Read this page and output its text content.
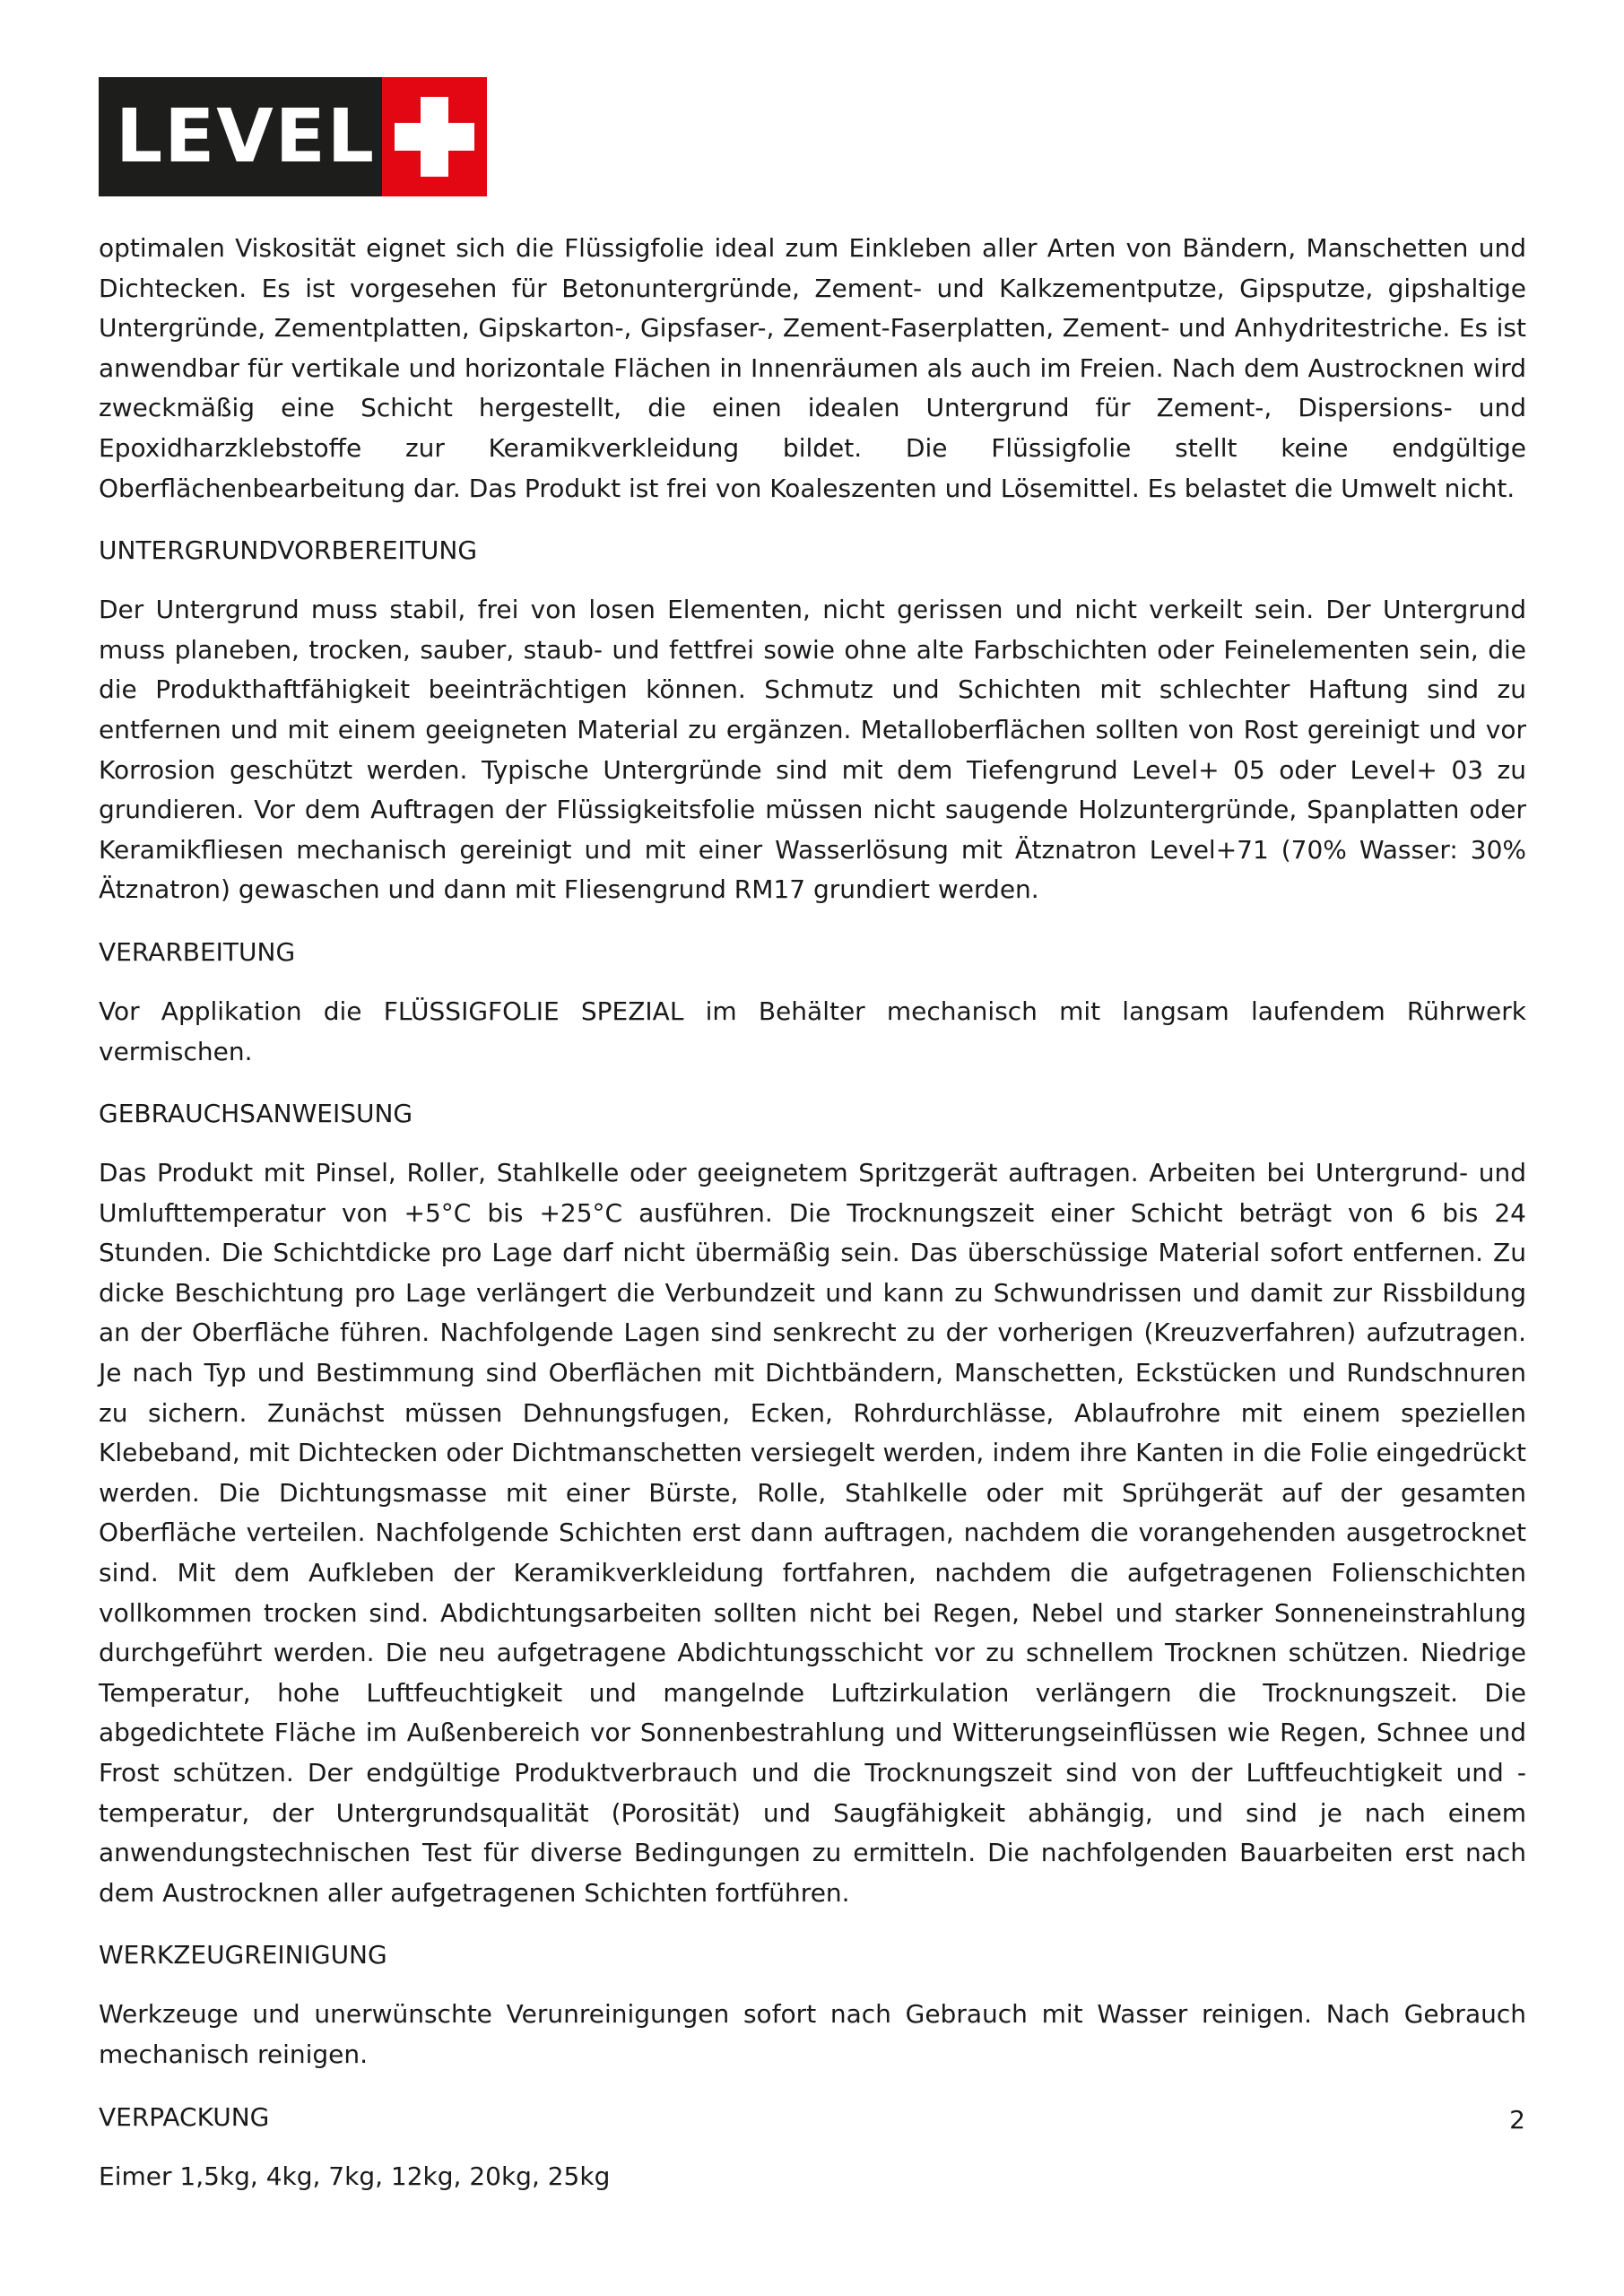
LEVEL

optimalen Viskosität eignet sich die Flüssigfolie ideal zum Einkleben aller Arten von Bändern, Manschetten und Dichtecken. Es ist vorgesehen für Betonuntergründe, Zement- und Kalkzementputze, Gipsputze, gipshaltige Untergründe, Zementplatten, Gipskarton-, Gipsfaser-, Zement-Faserplatten, Zement- und Anhydritestriche. Es ist anwendbar für vertikale und horizontale Flächen in Innenräumen als auch im Freien. Nach dem Austrocknen wird zweckmäßig eine Schicht hergestellt, die einen idealen Untergrund für Zement-, Dispersions- und Epoxidharzklebstoffe zur Keramikverkleidung bildet. Die Flüssigfolie stellt keine endgültige Oberflächenbearbeitung dar. Das Produkt ist frei von Koaleszenten und Lösemittel. Es belastet die Umwelt nicht.

UNTERGRUNDVORBEREITUNG

Der Untergrund muss stabil, frei von losen Elementen, nicht gerissen und nicht verkeilt sein. Der Untergrund muss planeben, trocken, sauber, staub- und fettfrei sowie ohne alte Farbschichten oder Feinelementen sein, die die Produkthaftfähigkeit beeinträchtigen können. Schmutz und Schichten mit schlechter Haftung sind zu entfernen und mit einem geeigneten Material zu ergänzen. Metalloberflächen sollten von Rost gereinigt und vor Korrosion geschützt werden. Typische Untergründe sind mit dem Tiefengrund Level+ 05 oder Level+ 03 zu grundieren. Vor dem Auftragen der Flüssigkeitsfolie müssen nicht saugende Holzuntergründe, Spanplatten oder Keramikfliesen mechanisch gereinigt und mit einer Wasserlösung mit Ätznatron Level+71 (70% Wasser: 30% Ätznatron) gewaschen und dann mit Fliesengrund RM17 grundiert werden.

VERARBEITUNG

Vor Applikation die FLÜSSIGFOLIE SPEZIAL im Behälter mechanisch mit langsam laufendem Rührwerk vermischen.

GEBRAUCHSANWEISUNG

Das Produkt mit Pinsel, Roller, Stahlkelle oder geeignetem Spritzgerät auftragen. Arbeiten bei Untergrund- und Umlufttemperatur von +5°C bis +25°C ausführen. Die Trocknungszeit einer Schicht beträgt von 6 bis 24 Stunden. Die Schichtdicke pro Lage darf nicht übermäßig sein. Das überschüssige Material sofort entfernen. Zu dicke Beschichtung pro Lage verlängert die Verbundzeit und kann zu Schwundrissen und damit zur Rissbildung an der Oberfläche führen. Nachfolgende Lagen sind senkrecht zu der vorherigen (Kreuzverfahren) aufzutragen. Je nach Typ und Bestimmung sind Oberflächen mit Dichtbändern, Manschetten, Eckstücken und Rundschnuren zu sichern. Zunächst müssen Dehnungsfugen, Ecken, Rohrdurchlässe, Ablaufrohre mit einem speziellen Klebeband, mit Dichtecken oder Dichtmanschetten versiegelt werden, indem ihre Kanten in die Folie eingedrückt werden. Die Dichtungsmasse mit einer Bürste, Rolle, Stahlkelle oder mit Sprühgerät auf der gesamten Oberfläche verteilen. Nachfolgende Schichten erst dann auftragen, nachdem die vorangehenden ausgetrocknet sind. Mit dem Aufkleben der Keramikverkleidung fortfahren, nachdem die aufgetragenen Folienschichten vollkommen trocken sind. Abdichtungsarbeiten sollten nicht bei Regen, Nebel und starker Sonneneinstrahlung durchgeführt werden. Die neu aufgetragene Abdichtungsschicht vor zu schnellem Trocknen schützen. Niedrige Temperatur, hohe Luftfeuchtigkeit und mangelnde Luftzirkulation verlängern die Trocknungszeit. Die abgedichtete Fläche im Außenbereich vor Sonnenbestrahlung und Witterungseinflüssen wie Regen, Schnee und Frost schützen. Der endgültige Produktverbrauch und die Trocknungszeit sind von der Luftfeuchtigkeit und -temperatur, der Untergrundsqualität (Porosität) und Saugfähigkeit abhängig, und sind je nach einem anwendungstechnischen Test für diverse Bedingungen zu ermitteln. Die nachfolgenden Bauarbeiten erst nach dem Austrocknen aller aufgetragenen Schichten fortführen.

WERKZEUGREINIGUNG

Werkzeuge und unerwünschte Verunreinigungen sofort nach Gebrauch mit Wasser reinigen. Nach Gebrauch mechanisch reinigen.

VERPACKUNG

Eimer 1,5kg, 4kg, 7kg, 12kg, 20kg, 25kg

2
